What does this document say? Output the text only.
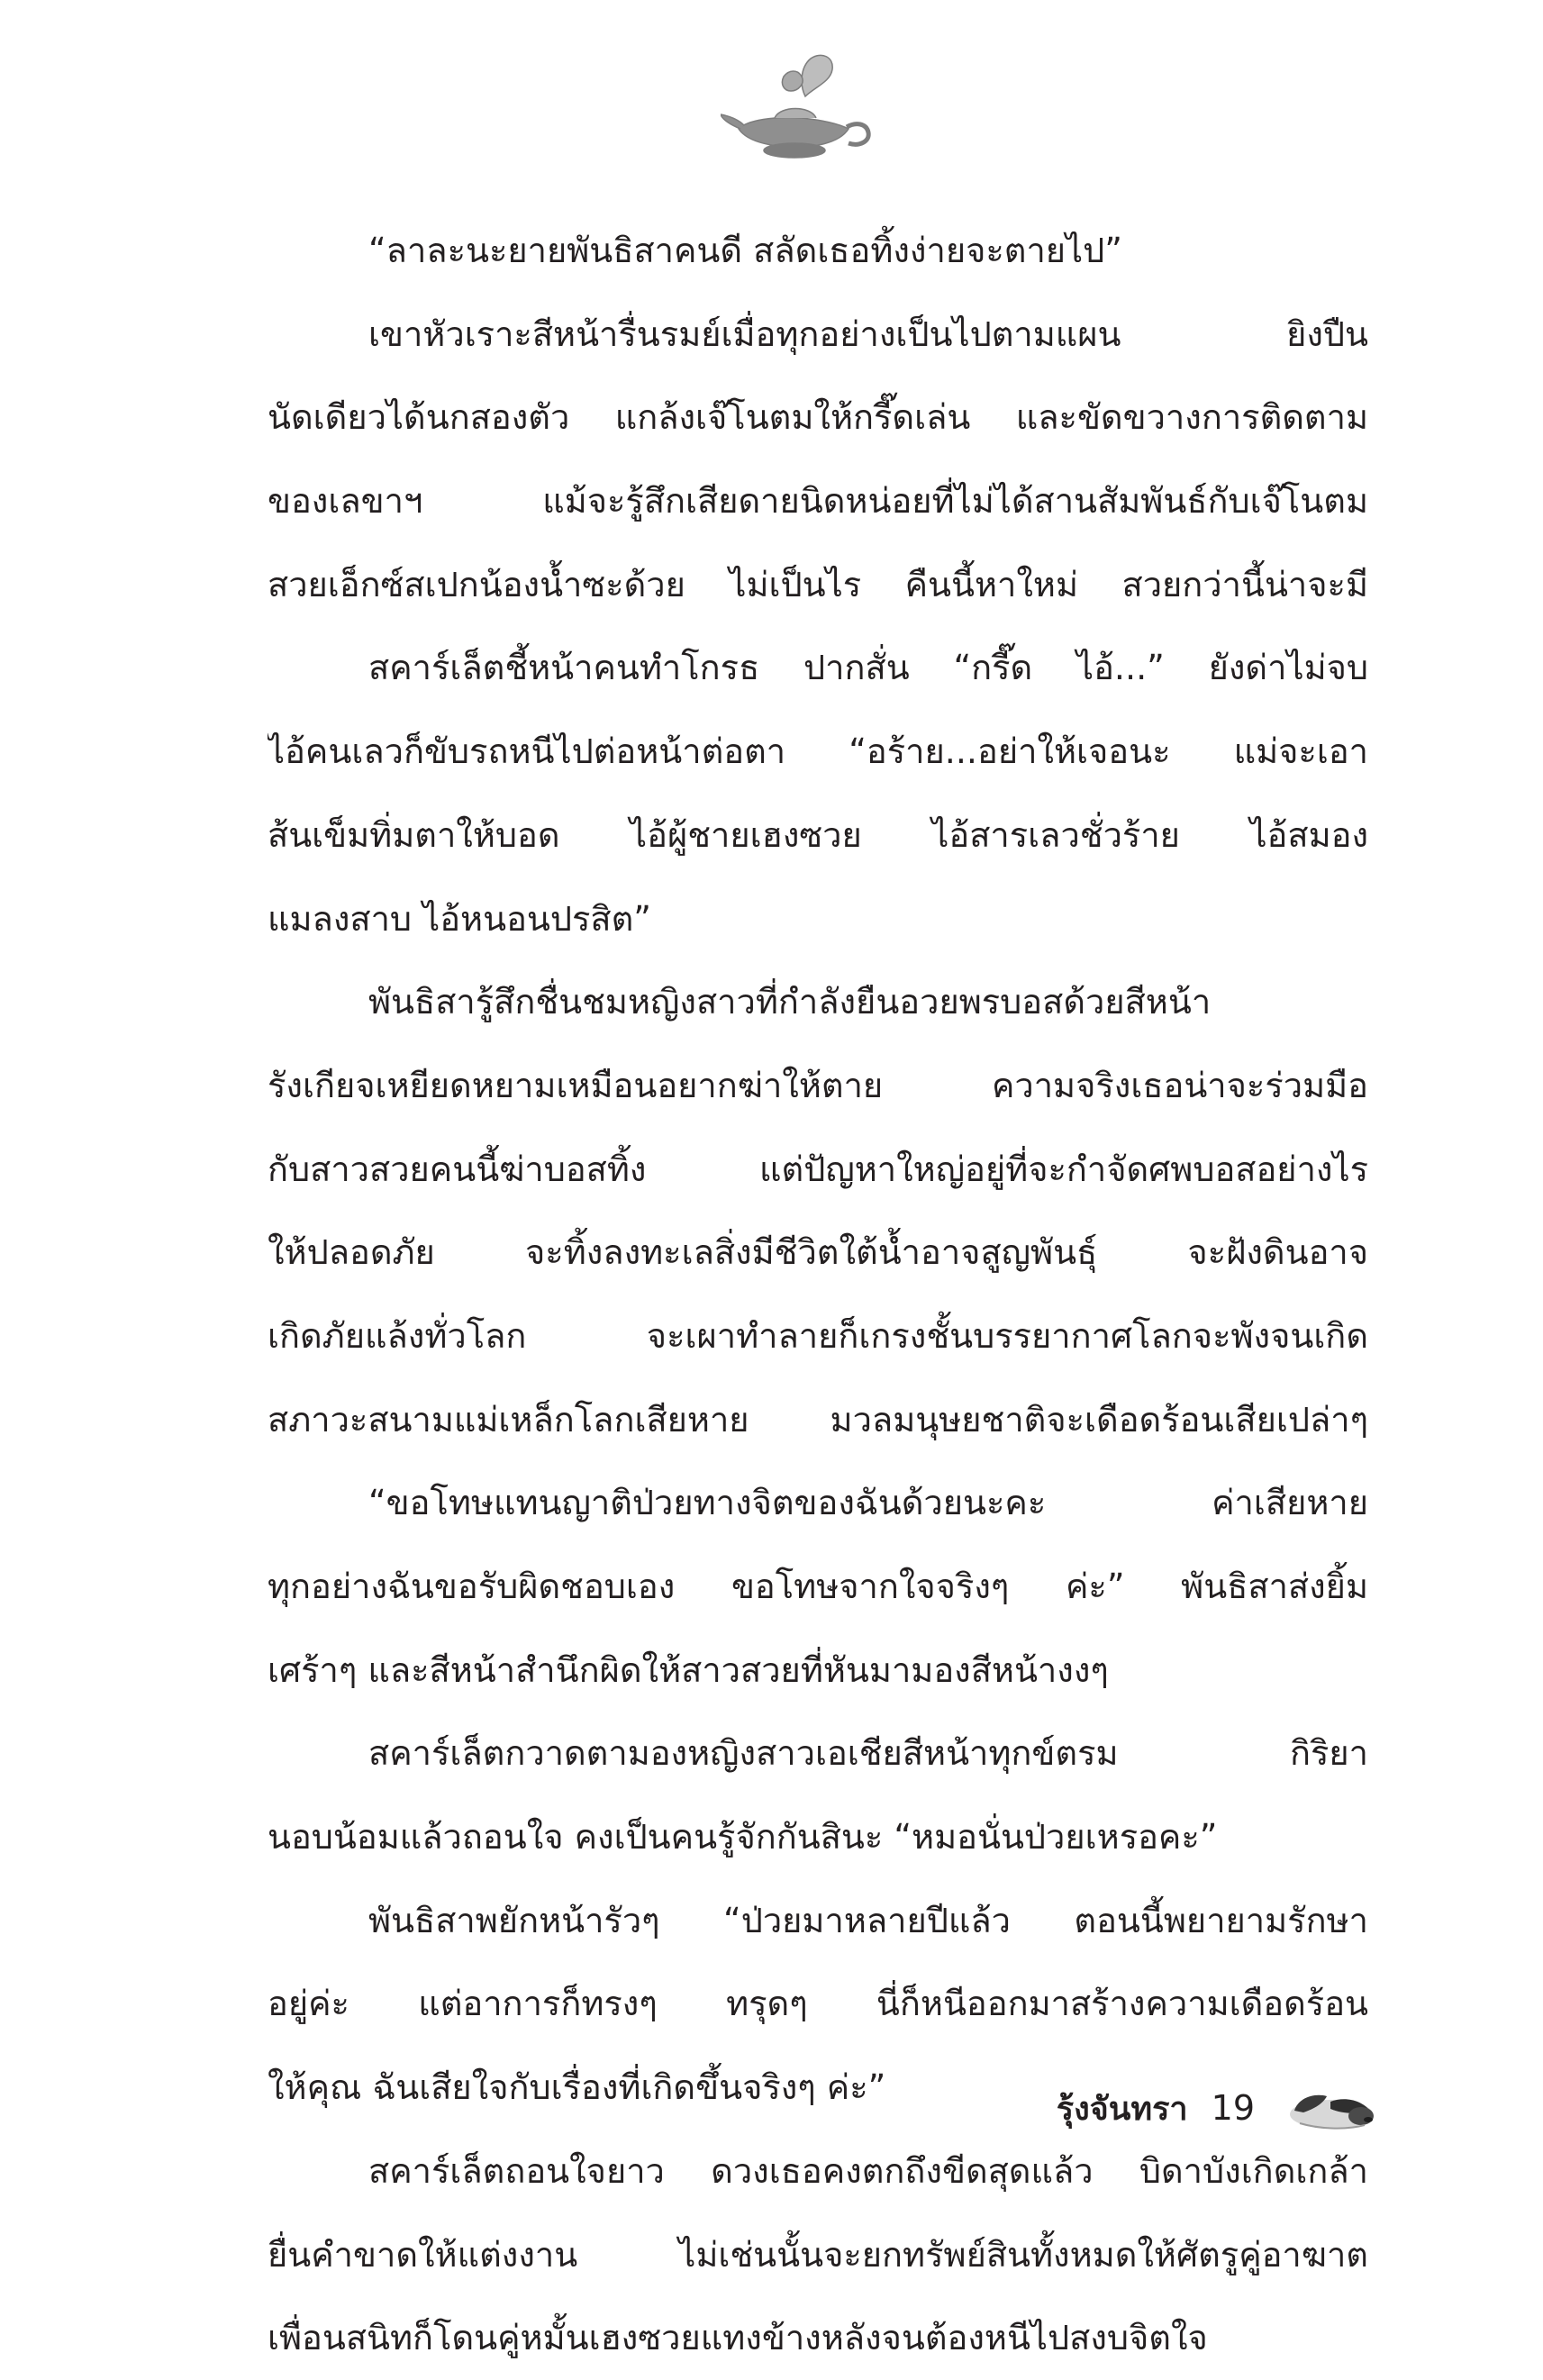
“ลาละนะยายพันธิสาคนดี สลัดเธอทิ้งง่ายจะตายไป”
เขาหัวเราะสีหน้ารื่นรมย์เมื่อทุกอย่างเป็นไปตามแผน ยิงปืน
นัดเดียวได้นกสองตัว แกล้งเจ๊โนตมให้กรี๊ดเล่น และขัดขวางการติดตาม
ของเลขาฯ แม้จะรู้สึกเสียดายนิดหน่อยที่ไม่ได้สานสัมพันธ์กับเจ๊โนตม
สวยเอ็กซ์สเปกน้องน้ำซะด้วย ไม่เป็นไร คืนนี้หาใหม่ สวยกว่านี้น่าจะมี
สคาร์เล็ตชี้หน้าคนทำโกรธ ปากสั่น “กรี๊ด ไอ้...” ยังด่าไม่จบ
ไอ้คนเลวก็ขับรถหนีไปต่อหน้าต่อตา “อร้าย...อย่าให้เจอนะ แม่จะเอา
ส้นเข็มทิ่มตาให้บอด ไอ้ผู้ชายเฮงซวย ไอ้สารเลวชั่วร้าย ไอ้สมอง
แมลงสาบ ไอ้หนอนปรสิต”
พันธิสารู้สึกชื่นชมหญิงสาวที่กำลังยืนอวยพรบอสด้วยสีหน้า
รังเกียจเหยียดหยามเหมือนอยากฆ่าให้ตาย ความจริงเธอน่าจะร่วมมือ
กับสาวสวยคนนี้ฆ่าบอสทิ้ง แต่ปัญหาใหญ่อยู่ที่จะกำจัดศพบอสอย่างไร
ให้ปลอดภัย จะทิ้งลงทะเลสิ่งมีชีวิตใต้น้ำอาจสูญพันธุ์ จะฝังดินอาจ
เกิดภัยแล้งทั่วโลก จะเผาทำลายก็เกรงชั้นบรรยากาศโลกจะพังจนเกิด
สภาวะสนามแม่เหล็กโลกเสียหาย มวลมนุษยชาติจะเดือดร้อนเสียเปล่าๆ
“ขอโทษแทนญาติป่วยทางจิตของฉันด้วยนะคะ ค่าเสียหาย
ทุกอย่างฉันขอรับผิดชอบเอง ขอโทษจากใจจริงๆ ค่ะ” พันธิสาส่งยิ้ม
เศร้าๆ และสีหน้าสำนึกผิดให้สาวสวยที่หันมามองสีหน้างงๆ
สคาร์เล็ตกวาดตามองหญิงสาวเอเชียสีหน้าทุกข์ตรม กิริยา
นอบน้อมแล้วถอนใจ คงเป็นคนรู้จักกันสินะ “หมอนั่นป่วยเหรอคะ”
พันธิสาพยักหน้ารัวๆ “ป่วยมาหลายปีแล้ว ตอนนี้พยายามรักษา
อยู่ค่ะ แต่อาการก็ทรงๆ ทรุดๆ นี่ก็หนีออกมาสร้างความเดือดร้อน
ให้คุณ ฉันเสียใจกับเรื่องที่เกิดขึ้นจริงๆ ค่ะ”
สคาร์เล็ตถอนใจยาว ดวงเธอคงตกถึงขีดสุดแล้ว บิดาบังเกิดเกล้า
ยื่นคำขาดให้แต่งงาน ไม่เช่นนั้นจะยกทรัพย์สินทั้งหมดให้ศัตรูคู่อาฆาต
เพื่อนสนิทก็โดนคู่หมั้นเฮงซวยแทงข้างหลังจนต้องหนีไปสงบจิตใจ
รุ้งจันทรา 19
